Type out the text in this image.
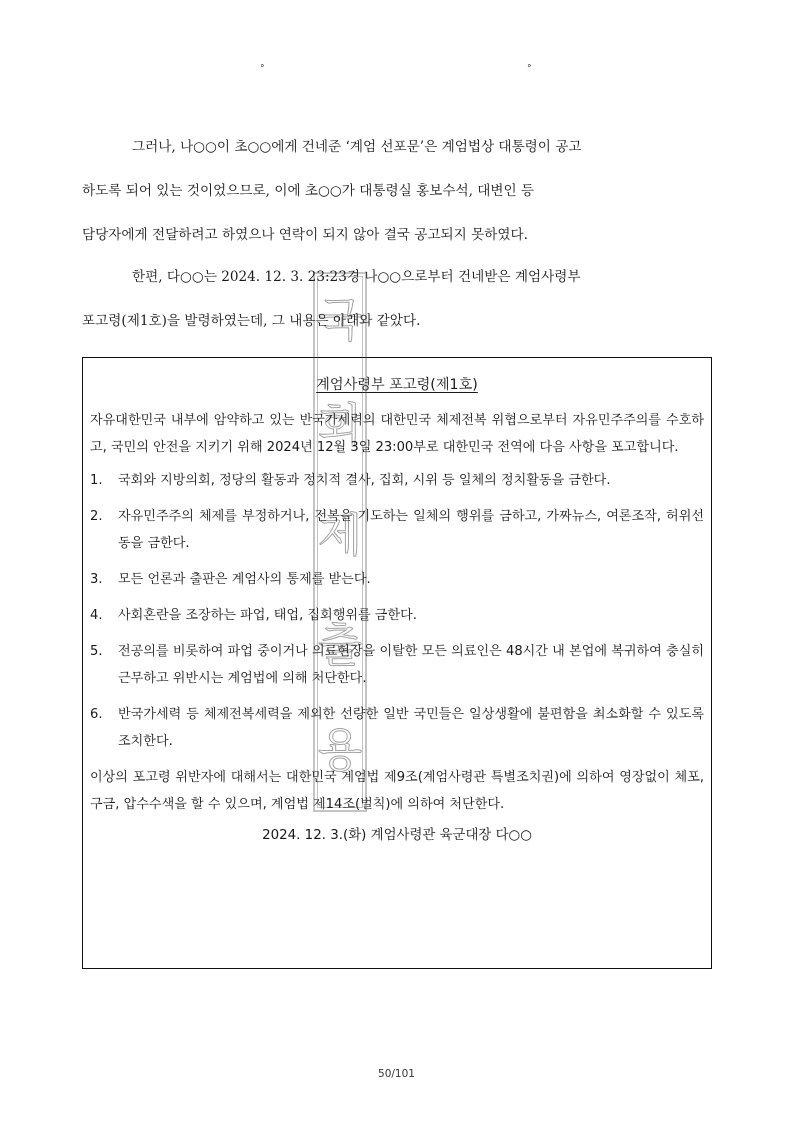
°	°
그러나, 나○○이 초○○에게 건네준 ‘계엄 선포문’은 계엄법상 대통령이 공고
하도록 되어 있는 것이었으므로, 이에 초○○가 대통령실 홍보수석, 대변인 등
담당자에게 전달하려고 하였으나 연락이 되지 않아 결국 공고되지 못하였다.
한편, 다○○는 2024. 12. 3. 23:23경 나○○으로부터 건네받은 계엄사령부
포고령(제1호)을 발령하였는데, 그 내용은 아래와 같았다.
계엄사령부 포고령(제1호)

자유대한민국 내부에 암약하고 있는 반국가세력의 대한민국 체제전복 위협으로부터 자유민주주의를 수호하고, 국민의 안전을 지키기 위해 2024년 12월 3일 23:00부로 대한민국 전역에 다음 사항을 포고합니다.

1. 국회와 지방의회, 정당의 활동과 정치적 결사, 집회, 시위 등 일체의 정치활동을 금한다.
2. 자유민주주의 체제를 부정하거나, 전복을 기도하는 일체의 행위를 금하고, 가짜뉴스, 여론조작, 허위선동을 금한다.
3. 모든 언론과 출판은 계엄사의 통제를 받는다.
4. 사회혼란을 조장하는 파업, 태업, 집회행위를 금한다.
5. 전공의를 비롯하여 파업 중이거나 의료현장을 이탈한 모든 의료인은 48시간 내 본업에 복귀하여 충실히 근무하고 위반시는 계엄법에 의해 처단한다.
6. 반국가세력 등 체제전복세력을 제외한 선량한 일반 국민들은 일상생활에 불편함을 최소화할 수 있도록 조치한다.

이상의 포고령 위반자에 대해서는 대한민국 계엄법 제9조(계엄사령관 특별조치권)에 의하여 영장없이 체포, 구금, 압수수색을 할 수 있으며, 계엄법 제14조(벌칙)에 의하여 처단한다.

2024. 12. 3.(화) 계엄사령관 육군대장 다○○
국
회
제
출
용
50/101
